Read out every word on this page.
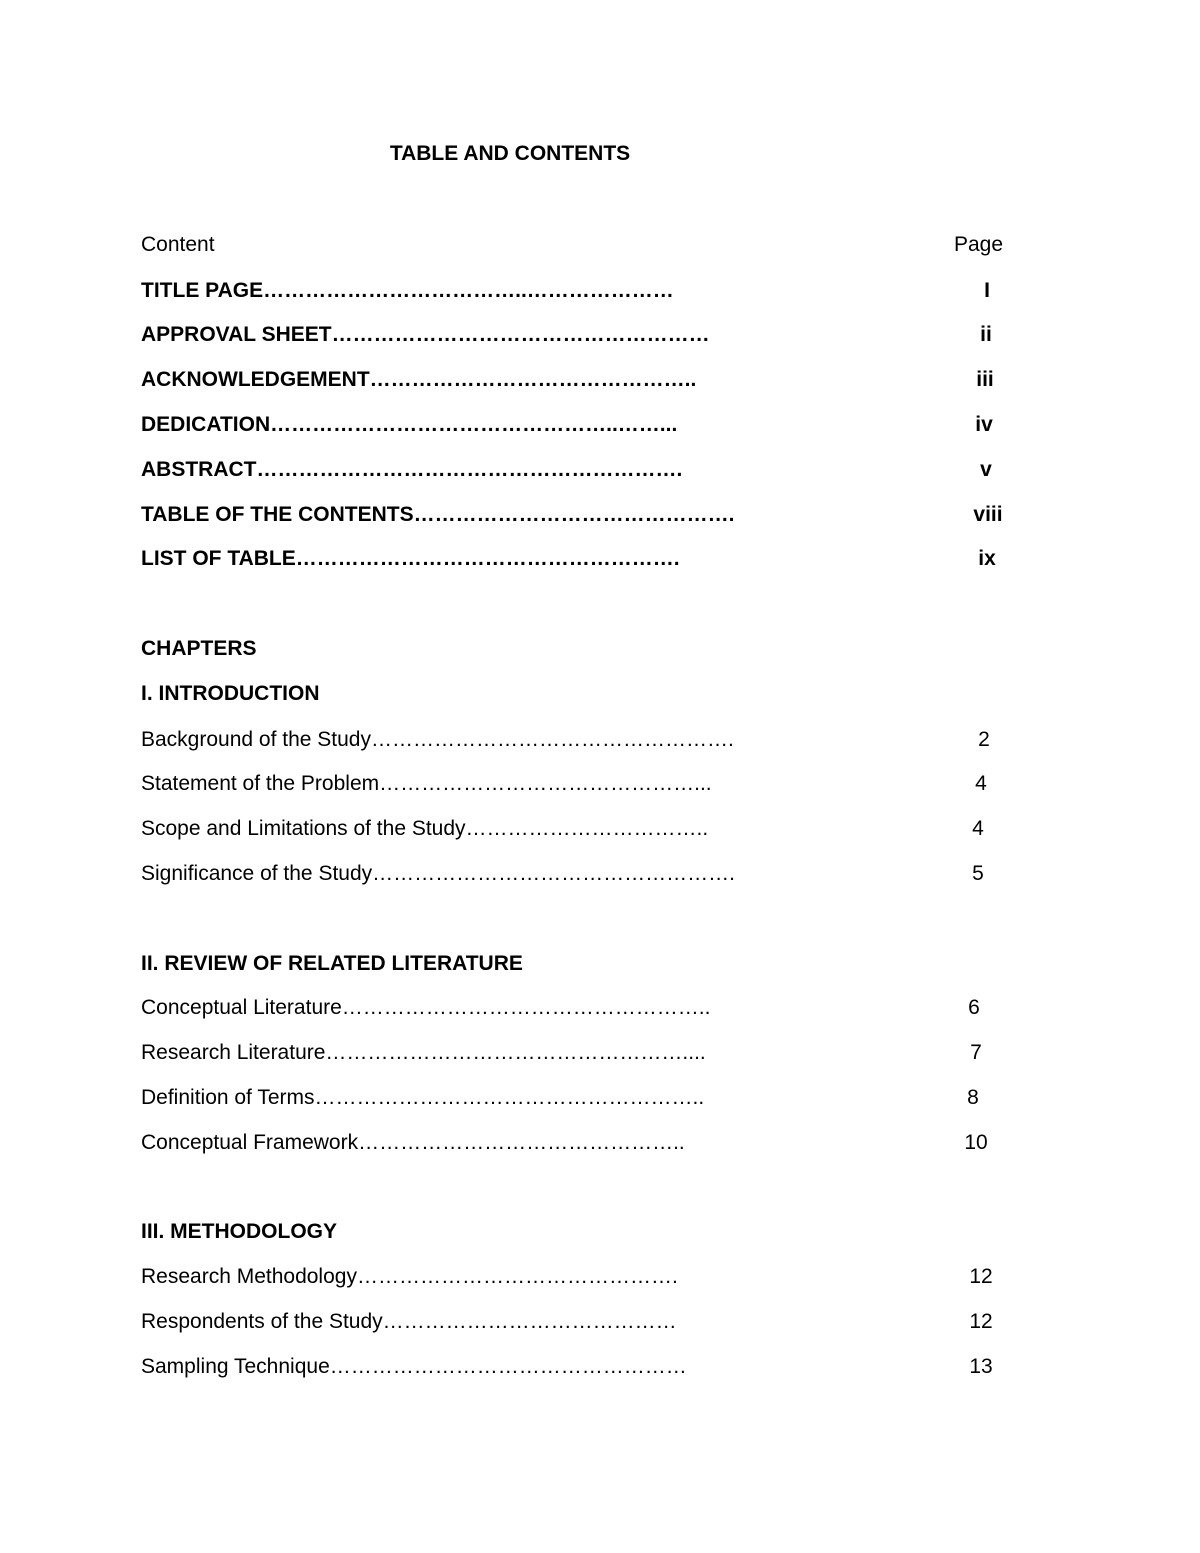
TABLE AND CONTENTS
Content	Page
TITLE PAGE………………………………..…………………	I
APPROVAL SHEET………………………………………………	ii
ACKNOWLEDGEMENT………………………………………..	iii
DEDICATION…………………………………………..……...	iv
ABSTRACT…………………………………………………….	v
TABLE OF THE CONTENTS……………………………………….	viii
LIST OF TABLE……………………………………………….	ix
CHAPTERS
I. INTRODUCTION
Background of the Study…………………………………………….	2
Statement of the Problem………………………………………...	4
Scope and Limitations of the Study……………………………..	4
Significance of the Study…………………………………………….	5
II. REVIEW OF RELATED LITERATURE
Conceptual Literature……………………………………………..	6
Research Literature……………………………………………....	7
Definition of Terms………………………………………………..	8
Conceptual Framework………………………………………..	10
III. METHODOLOGY
Research Methodology……………………………………….	12
Respondents of the Study……………………………………	12
Sampling Technique……………………………………………	13
